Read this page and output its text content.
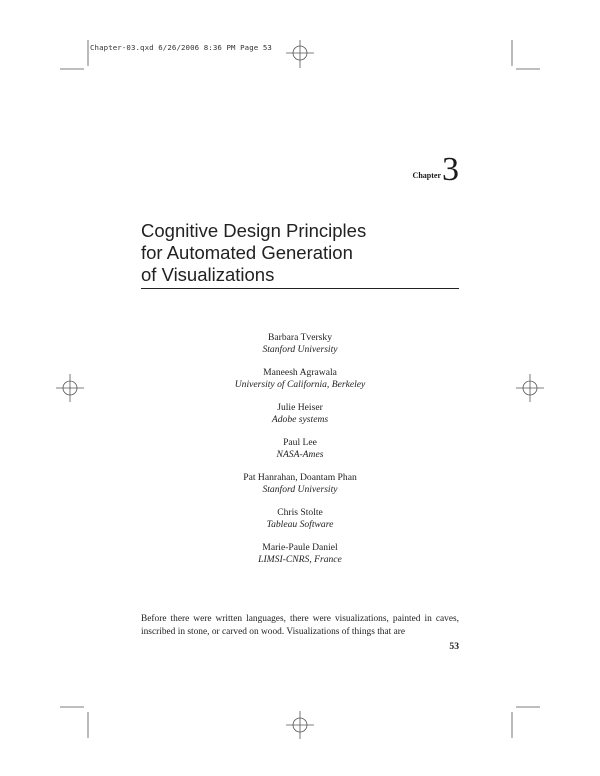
Chapter-03.qxd 6/26/2006 8:36 PM Page 53
Chapter 3
Cognitive Design Principles
for Automated Generation
of Visualizations
Barbara Tversky
Stanford University
Maneesh Agrawala
University of California, Berkeley
Julie Heiser
Adobe systems
Paul Lee
NASA-Ames
Pat Hanrahan, Doantam Phan
Stanford University
Chris Stolte
Tableau Software
Marie-Paule Daniel
LIMSI-CNRS, France
Before there were written languages, there were visualizations, painted in caves, inscribed in stone, or carved on wood. Visualizations of things that are
53
